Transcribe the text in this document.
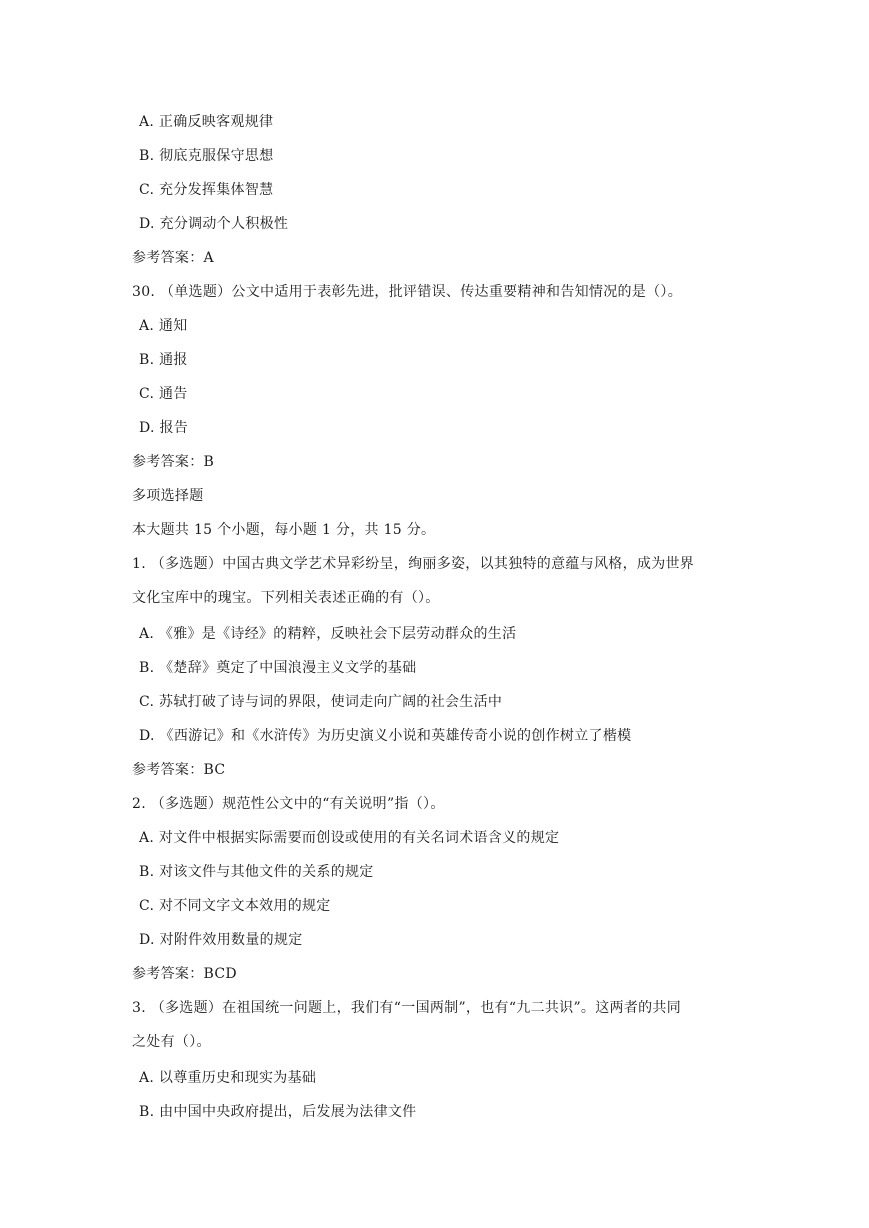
A. 正确反映客观规律
B. 彻底克服保守思想
C. 充分发挥集体智慧
D. 充分调动个人积极性
参考答案：A
30. （单选题）公文中适用于表彰先进，批评错误、传达重要精神和告知情况的是（）。
A. 通知
B. 通报
C. 通告
D. 报告
参考答案：B
多项选择题
本大题共 15 个小题，每小题 1 分，共 15 分。
1. （多选题）中国古典文学艺术异彩纷呈，绚丽多姿，以其独特的意蕴与风格，成为世界
文化宝库中的瑰宝。下列相关表述正确的有（）。
A. 《雅》是《诗经》的精粹，反映社会下层劳动群众的生活
B. 《楚辞》奠定了中国浪漫主义文学的基础
C. 苏轼打破了诗与词的界限，使词走向广阔的社会生活中
D. 《西游记》和《水浒传》为历史演义小说和英雄传奇小说的创作树立了楷模
参考答案：BC
2. （多选题）规范性公文中的“有关说明”指（）。
A. 对文件中根据实际需要而创设或使用的有关名词术语含义的规定
B. 对该文件与其他文件的关系的规定
C. 对不同文字文本效用的规定
D. 对附件效用数量的规定
参考答案：BCD
3. （多选题）在祖国统一问题上，我们有“一国两制”，也有“九二共识”。这两者的共同
之处有（）。
A. 以尊重历史和现实为基础
B. 由中国中央政府提出，后发展为法律文件
